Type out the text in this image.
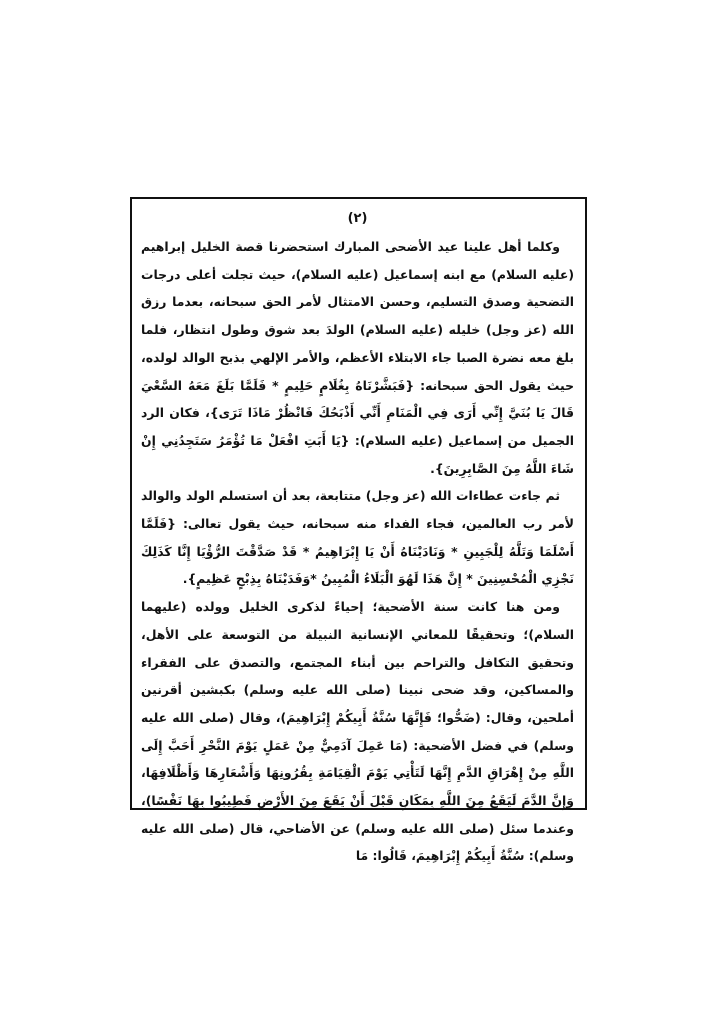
(٢)

وكلما أهل علينا عيد الأضحى المبارك استحضرنا قصة الخليل إبراهيم (عليه السلام) مع ابنه إسماعيل (عليه السلام)، حيث تجلت أعلى درجات التضحية وصدق التسليم، وحسن الامتثال لأمر الحق سبحانه، بعدما رزق الله (عز وجل) خليله (عليه السلام) الولدَ بعد شوق وطول انتظار، فلما بلغ معه نضرة الصبا جاء الابتلاء الأعظم، والأمر الإلهي بذبح الوالد لولده، حيث يقول الحق سبحانه: {فَبَشَّرْنَاهُ بِغُلَامٍ حَلِيمٍ * فَلَمَّا بَلَغَ مَعَهُ السَّعْيَ قَالَ يَا بُنَيَّ إِنِّي أَرَى فِي الْمَنَامِ أَنِّي أَذْبَحُكَ فَانْظُرْ مَاذَا تَرَى}، فكان الرد الجميل من إسماعيل (عليه السلام): {يَا أَبَتِ افْعَلْ مَا تُؤْمَرُ سَتَجِدُنِي إِنْ شَاءَ اللَّهُ مِنَ الصَّابِرِينَ}.

ثم جاءت عطاءات الله (عز وجل) متتابعة، بعد أن استسلم الولد والوالد لأمر رب العالمين، فجاء الفداء منه سبحانه، حيث يقول تعالى: {فَلَمَّا أَسْلَمَا وَتَلَّهُ لِلْجَبِينِ * وَنَادَيْنَاهُ أَنْ يَا إِبْرَاهِيمُ * قَدْ صَدَّقْتَ الرُّؤْيَا إِنَّا كَذَلِكَ نَجْزِي الْمُحْسِنِينَ * إِنَّ هَذَا لَهُوَ الْبَلَاءُ الْمُبِينُ *وَفَدَيْنَاهُ بِذِبْحٍ عَظِيمٍ}.

ومن هنا كانت سنة الأضحية؛ إحياءً لذكرى الخليل وولده (عليهما السلام)؛ وتحقيقًا للمعاني الإنسانية النبيلة من التوسعة على الأهل، وتحقيق التكافل والتراحم بين أبناء المجتمع، والتصدق على الفقراء والمساكين، وقد ضحى نبينا (صلى الله عليه وسلم) بكبشين أقرنين أملحين، وقال: (ضَحُّوا؛ فَإِنَّهَا سُنَّةُ أَبِيكُمْ إِبْرَاهِيمَ)، وقال (صلى الله عليه وسلم) في فضل الأضحية: (مَا عَمِلَ آدَمِيٌّ مِنْ عَمَلٍ يَوْمَ النَّحْرِ أَحَبَّ إِلَى اللَّهِ مِنْ إِهْرَاقِ الدَّمِ إِنَّهَا لَتَأْتِي يَوْمَ الْقِيَامَةِ بِقُرُونِهَا وَأَشْعَارِهَا وَأَظْلَافِهَا، وَإِنَّ الدَّمَ لَيَقَعُ مِنَ اللَّهِ بِمَكَانٍ قَبْلَ أَنْ يَقَعَ مِنَ الأَرْضِ فَطِيبُوا بِهَا نَفْسًا)، وعندما سئل (صلى الله عليه وسلم) عن الأضاحي، قال (صلى الله عليه وسلم): سُنَّةُ أَبِيكُمْ إِبْرَاهِيمَ، قَالُوا: مَا
